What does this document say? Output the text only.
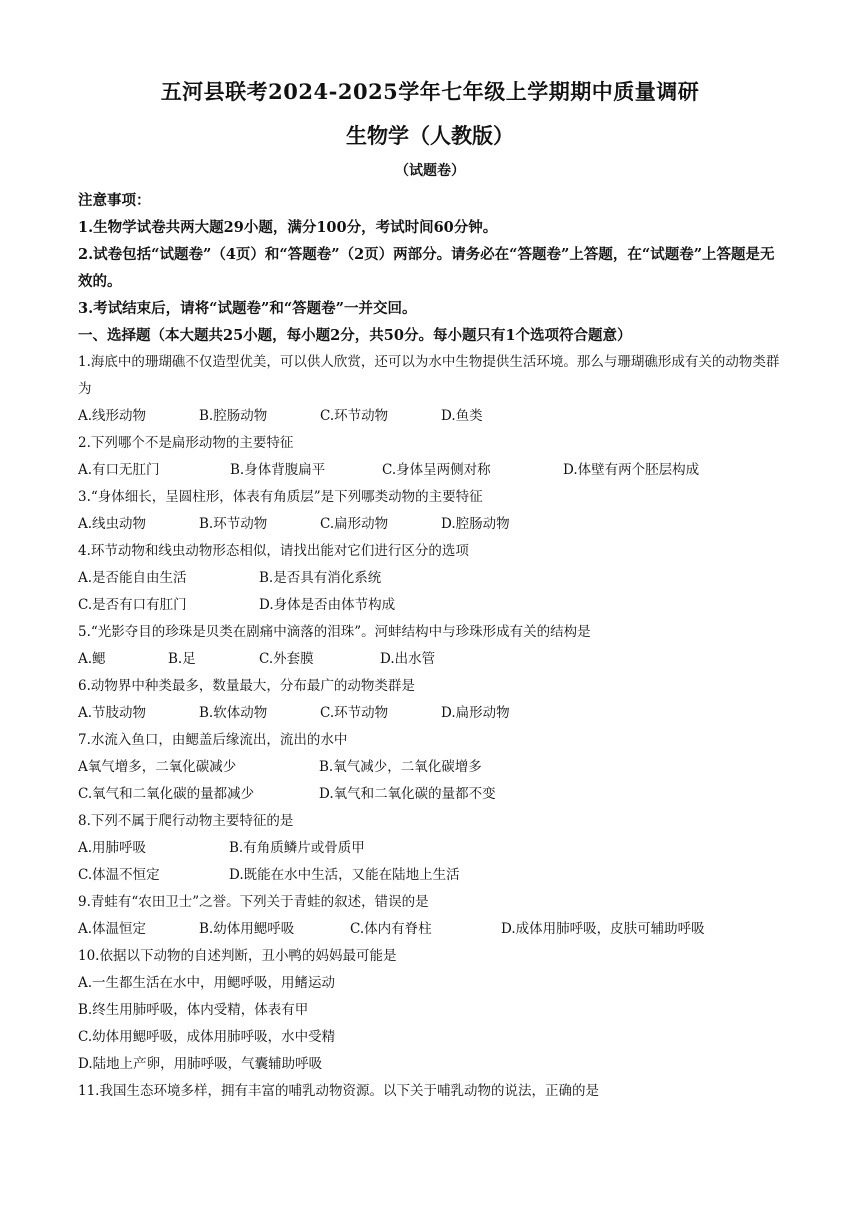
五河县联考2024-2025学年七年级上学期期中质量调研
生物学（人教版）
（试题卷）
注意事项：
1.生物学试卷共两大题29小题，满分100分，考试时间60分钟。
2.试卷包括“试题卷”（4页）和“答题卷”（2页）两部分。请务必在“答题卷”上答题，在“试题卷”上答题是无效的。
3.考试结束后，请将“试题卷”和“答题卷”一并交回。
一、选择题（本大题共25小题，每小题2分，共50分。每小题只有1个选项符合题意）
1.海底中的珊瑚礁不仅造型优美，可以供人欣赏，还可以为水中生物提供生活环境。那么与珊瑚礁形成有关的动物类群为
A.线形动物	B.腔肠动物	C.环节动物	D.鱼类
2.下列哪个不是扁形动物的主要特征
A.有口无肛门	B.身体背腹扁平	C.身体呈两侧对称	D.体壁有两个胚层构成
3.“身体细长，呈圆柱形，体表有角质层”是下列哪类动物的主要特征
A.线虫动物	B.环节动物	C.扁形动物	D.腔肠动物
4.环节动物和线虫动物形态相似，请找出能对它们进行区分的选项
A.是否能自由生活	B.是否具有消化系统
C.是否有口有肛门	D.身体是否由体节构成
5.“光影夺目的珍珠是贝类在剧痛中滴落的泪珠”。河蚌结构中与珍珠形成有关的结构是
A.鳃	B.足	C.外套膜	D.出水管
6.动物界中种类最多，数量最大，分布最广的动物类群是
A.节肢动物	B.软体动物	C.环节动物	D.扁形动物
7.水流入鱼口，由鳃盖后缘流出，流出的水中
A氧气增多，二氧化碳减少	B.氧气减少，二氧化碳增多
C.氧气和二氧化碳的量都减少	D.氧气和二氧化碳的量都不变
8.下列不属于爬行动物主要特征的是
A.用肺呼吸	B.有角质鳞片或骨质甲
C.体温不恒定	D.既能在水中生活，又能在陆地上生活
9.青蛙有“农田卫士”之誉。下列关于青蛙的叙述，错误的是
A.体温恒定	B.幼体用鳃呼吸	C.体内有脊柱	D.成体用肺呼吸，皮肤可辅助呼吸
10.依据以下动物的自述判断，丑小鸭的妈妈最可能是
A.一生都生活在水中，用鳃呼吸，用鳍运动
B.终生用肺呼吸，体内受精，体表有甲
C.幼体用鳃呼吸，成体用肺呼吸，水中受精
D.陆地上产卵，用肺呼吸，气囊辅助呼吸
11.我国生态环境多样，拥有丰富的哺乳动物资源。以下关于哺乳动物的说法，正确的是
